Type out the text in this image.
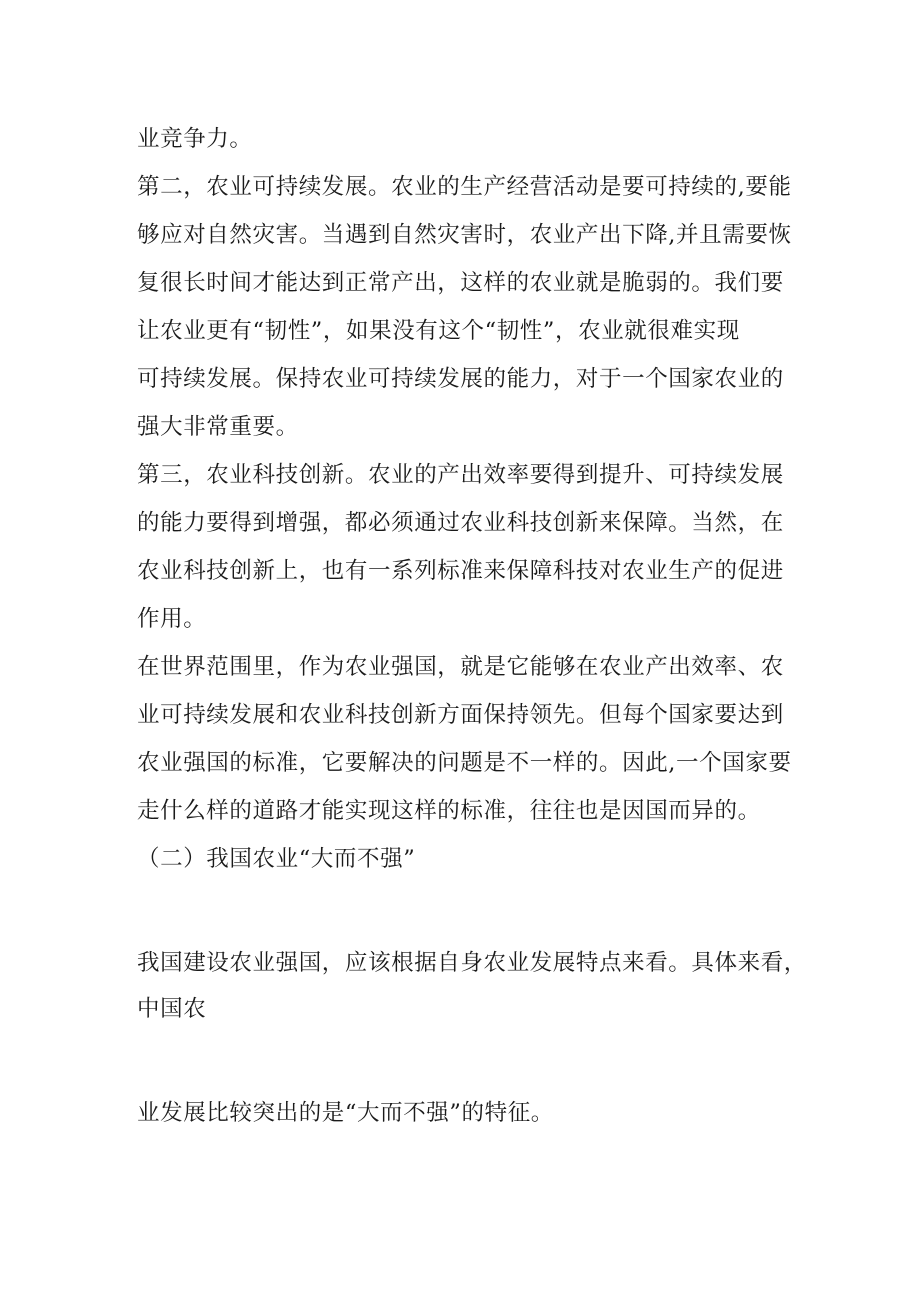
业竞争力。
第二，农业可持续发展。农业的生产经营活动是要可持续的,要能
够应对自然灾害。当遇到自然灾害时，农业产出下降,并且需要恢
复很长时间才能达到正常产出，这样的农业就是脆弱的。我们要
让农业更有“韧性”，如果没有这个“韧性”，农业就很难实现
可持续发展。保持农业可持续发展的能力，对于一个国家农业的
强大非常重要。
第三，农业科技创新。农业的产出效率要得到提升、可持续发展
的能力要得到增强，都必须通过农业科技创新来保障。当然，在
农业科技创新上，也有一系列标准来保障科技对农业生产的促进
作用。
在世界范围里，作为农业强国，就是它能够在农业产出效率、农
业可持续发展和农业科技创新方面保持领先。但每个国家要达到
农业强国的标准，它要解决的问题是不一样的。因此,一个国家要
走什么样的道路才能实现这样的标准，往往也是因国而异的。
（二）我国农业“大而不强”
我国建设农业强国，应该根据自身农业发展特点来看。具体来看，
中国农
业发展比较突出的是“大而不强”的特征。
